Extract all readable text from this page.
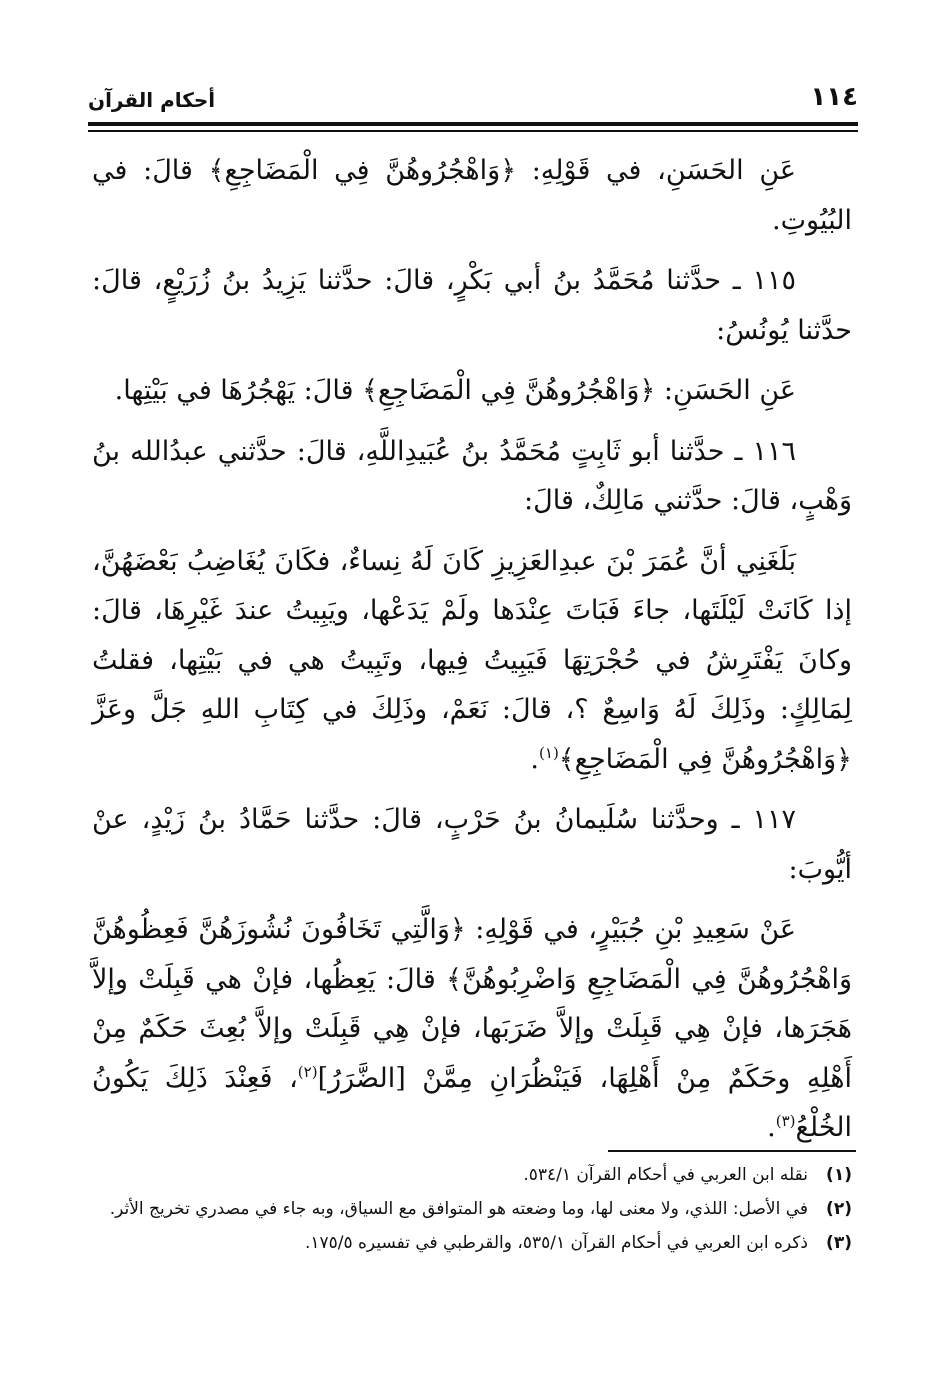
١١٤
أحكام القرآن

عَنِ الحَسَنِ، في قَوْلِهِ: ﴿وَاهْجُرُوهُنَّ فِي الْمَضَاجِعِ﴾ قالَ: في البُيُوتِ.

١١٥ ـ حدَّثنا مُحَمَّدُ بنُ أبي بَكْرٍ، قالَ: حدَّثنا يَزِيدُ بنُ زُرَيْعٍ، قالَ: حدَّثنا يُونُسُ:

عَنِ الحَسَنِ: ﴿وَاهْجُرُوهُنَّ فِي الْمَضَاجِعِ﴾ قالَ: يَهْجُرُهَا في بَيْتِها.

١١٦ ـ حدَّثنا أبو ثَابِتٍ مُحَمَّدُ بنُ عُبَيدِاللَّهِ، قالَ: حدَّثني عبدُالله بنُ وَهْبٍ، قالَ: حدَّثني مَالِكٌ، قالَ:

بَلَغَنِي أنَّ عُمَرَ بْنَ عبدِالعَزِيزِ كَانَ لَهُ نِساءٌ، فكَانَ يُغَاضِبُ بَعْضَهُنَّ، إذا كَانَتْ لَيْلَتَها، جاءَ فَبَاتَ عِنْدَها ولَمْ يَدَعْها، ويَبِيتُ عندَ غَيْرِهَا، قالَ: وكانَ يَفْتَرِشُ في حُجْرَتِهَا فَيَبِيتُ فِيها، وتَبِيتُ هي في بَيْتِها، فقلتُ لِمَالِكٍ: وذَلِكَ لَهُ وَاسِعٌ ؟، قالَ: نَعَمْ، وذَلِكَ في كِتَابِ اللهِ جَلَّ وعَزَّ ﴿وَاهْجُرُوهُنَّ فِي الْمَضَاجِعِ﴾$^{(١)}$.

١١٧ ـ وحدَّثنا سُلَيمانُ بنُ حَرْبٍ، قالَ: حدَّثنا حَمَّادُ بنُ زَيْدٍ، عنْ أيُّوبَ:

عَنْ سَعِيدِ بْنِ جُبَيْرٍ، في قَوْلِهِ: ﴿وَالَّتِي تَخَافُونَ نُشُوزَهُنَّ فَعِظُوهُنَّ وَاهْجُرُوهُنَّ فِي الْمَضَاجِعِ وَاضْرِبُوهُنَّ﴾ قالَ: يَعِظُها، فإنْ هي قَبِلَتْ وإلاَّ هَجَرَها، فإنْ هِي قَبِلَتْ وإلاَّ ضَرَبَها، فإنْ هِي قَبِلَتْ وإلاَّ بُعِثَ حَكَمٌ مِنْ أَهْلِهِ وحَكَمٌ مِنْ أَهْلِهَا، فَيَنْظُرَانِ مِمَّنْ [الضَّرَرُ]$^{(٢)}$، فَعِنْدَ ذَلِكَ يَكُونُ الخُلْعُ$^{(٣)}$.

(١)
نقله ابن العربي في أحكام القرآن ٥٣٤/١.
(٢)
في الأصل: اللذي، ولا معنى لها، وما وضعته هو المتوافق مع السياق، وبه جاء في مصدري تخريج الأثر.
(٣)
ذكره ابن العربي في أحكام القرآن ٥٣٥/١، والقرطبي في تفسيره ١٧٥/٥.
